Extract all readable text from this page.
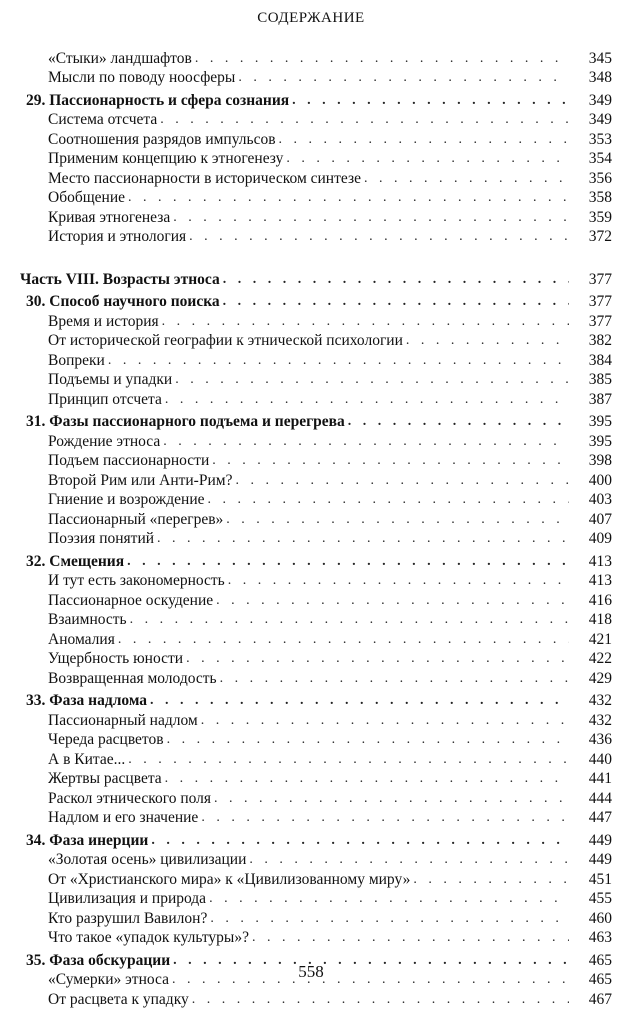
СОДЕРЖАНИЕ
«Стыки» ландшафтов . . .	345
Мысли по поводу ноосферы . . .	348
29. Пассионарность и сфера сознания . . .	349
Система отсчета . . .	349
Соотношения разрядов импульсов . . .	353
Применим концепцию к этногенезу . . .	354
Место пассионарности в историческом синтезе . . .	356
Обобщение . . .	358
Кривая этногенеза . . .	359
История и этнология . . .	372
Часть VIII. Возрасты этноса . . .	377
30. Способ научного поиска . . .	377
Время и история . . .	377
От исторической географии к этнической психологии . . .	382
Вопреки . . .	384
Подъемы и упадки . . .	385
Принцип отсчета . . .	387
31. Фазы пассионарного подъема и перегрева . . .	395
Рождение этноса . . .	395
Подъем пассионарности . . .	398
Второй Рим или Анти-Рим? . . .	400
Гниение и возрождение . . .	403
Пассионарный «перегрев» . . .	407
Поэзия понятий . . .	409
32. Смещения . . .	413
И тут есть закономерность . . .	413
Пассионарное оскудение . . .	416
Взаимность . . .	418
Аномалия . . .	421
Ущербность юности . . .	422
Возвращенная молодость . . .	429
33. Фаза надлома . . .	432
Пассионарный надлом . . .	432
Череда расцветов . . .	436
А в Китае... . . .	440
Жертвы расцвета . . .	441
Раскол этнического поля . . .	444
Надлом и его значение . . .	447
34. Фаза инерции . . .	449
«Золотая осень» цивилизации . . .	449
От «Христианского мира» к «Цивилизованному миру» . . .	451
Цивилизация и природа . . .	455
Кто разрушил Вавилон? . . .	460
Что такое «упадок культуры»? . . .	463
35. Фаза обскурации . . .	465
«Сумерки» этноса . . .	465
От расцвета к упадку . . .	467
558
